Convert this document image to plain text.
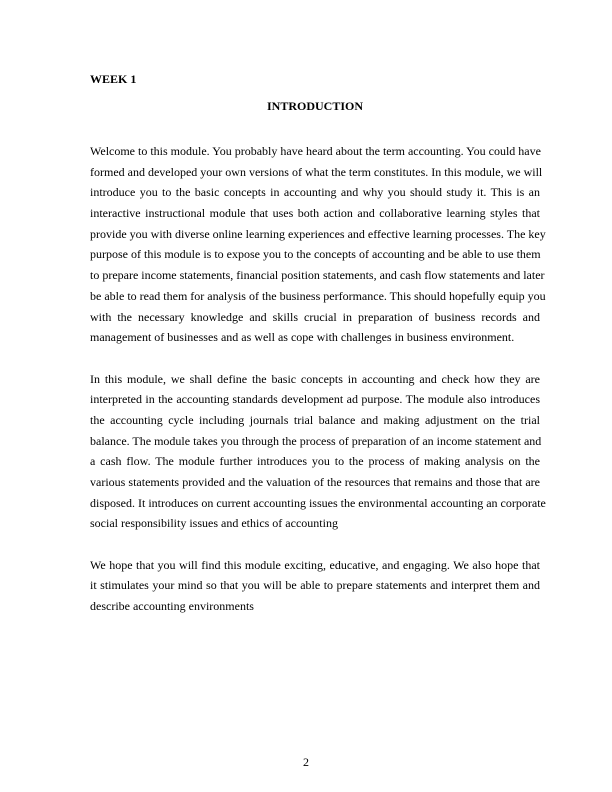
WEEK 1
INTRODUCTION
Welcome to this module. You probably have heard about the term accounting. You could have
formed and developed your own versions of what the term constitutes. In this module, we will
introduce you to the basic concepts in accounting and why you should study it. This is an
interactive instructional module that uses both action and collaborative learning styles that
provide you with diverse online learning experiences and effective learning processes. The key
purpose of this module is to expose you to the concepts of accounting and be able to use them
to prepare income statements, financial position statements, and cash flow statements and later
be able to read them for analysis of the business performance. This should hopefully equip you
with the necessary knowledge and skills crucial in preparation of business records and
management of businesses and as well as cope with challenges in business environment.
In this module, we shall define the basic concepts in accounting and check how they are
interpreted in the accounting standards development ad purpose. The module also introduces
the accounting cycle including journals trial balance and making adjustment on the trial
balance. The module takes you through the process of preparation of an income statement and
a cash flow. The module further introduces you to the process of making analysis on the
various statements provided and the valuation of the resources that remains and those that are
disposed. It introduces on current accounting issues the environmental accounting an corporate
social responsibility issues and ethics of accounting
We hope that you will find this module exciting, educative, and engaging. We also hope that
it stimulates your mind so that you will be able to prepare statements and interpret them and
describe accounting environments
2
